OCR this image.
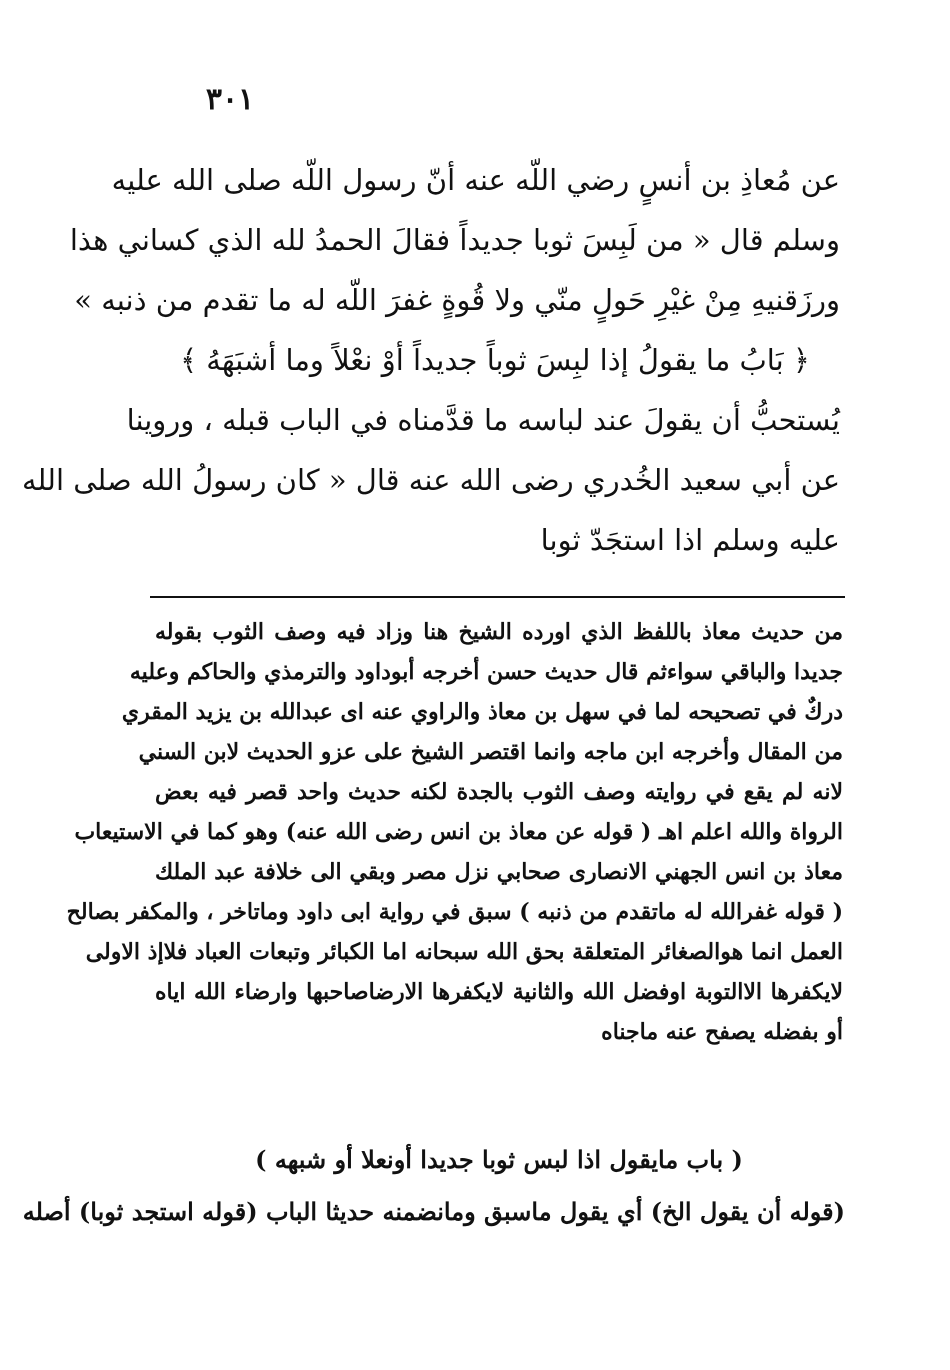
٣٠١
عن مُعاذِ بن أنسٍ رضي اللّه عنه أنّ رسول اللّه صلى الله عليه
وسلم قال « من لَبِسَ ثوبا جديداً فقالَ الحمدُ لله الذي كساني هذا
ورزَقنيهِ مِنْ غيْرِ حَولٍ منّي ولا قُوةٍ غفرَ اللّه له ما تقدم من ذنبه »
﴿ بَابُ ما يقولُ إذا لبِسَ ثوباً جديداً أوْ نعْلاً وما أشبَهَهُ ﴾
يُستحبُّ أن يقولَ عند لباسه ما قدَّمناه في الباب قبله ، وروينا
عن أبي سعيد الخُدري رضى الله عنه قال « كان رسولُ الله صلى الله
عليه وسلم اذا استجَدّ ثوبا
من حديث معاذ باللفظ الذي اورده الشيخ هنا وزاد فيه وصف الثوب بقوله
جديدا والباقي سواءثم قال حديث حسن أخرجه أبوداود والترمذي والحاكم وعليه
دركٌ في تصحيحه لما في سهل بن معاذ والراوي عنه اى عبدالله بن يزيد المقري
من المقال وأخرجه ابن ماجه وانما اقتصر الشيخ على عزو الحديث لابن السني
لانه لم يقع في روايته وصف الثوب بالجدة لكنه حديث واحد قصر فيه بعض
الرواة والله اعلم اهـ ( قوله عن معاذ بن انس رضى الله عنه) وهو كما في الاستيعاب
معاذ بن انس الجهني الانصارى صحابي نزل مصر وبقي الى خلافة عبد الملك
( قوله غفرالله له ماتقدم من ذنبه ) سبق في رواية ابى داود وماتاخر ، والمكفر بصالح
العمل انما هوالصغائر المتعلقة بحق الله سبحانه اما الكبائر وتبعات العباد فلاإذ الاولى
لايكفرها الاالتوبة اوفضل الله والثانية لايكفرها الارضاصاحبها وارضاء الله اياه
أو بفضله يصفح عنه ماجناه
( باب مايقول اذا لبس ثوبا جديدا أونعلا أو شبهه )
(قوله أن يقول الخ) أي يقول ماسبق ومانضمنه حديثا الباب (قوله استجد ثوبا) أصله
